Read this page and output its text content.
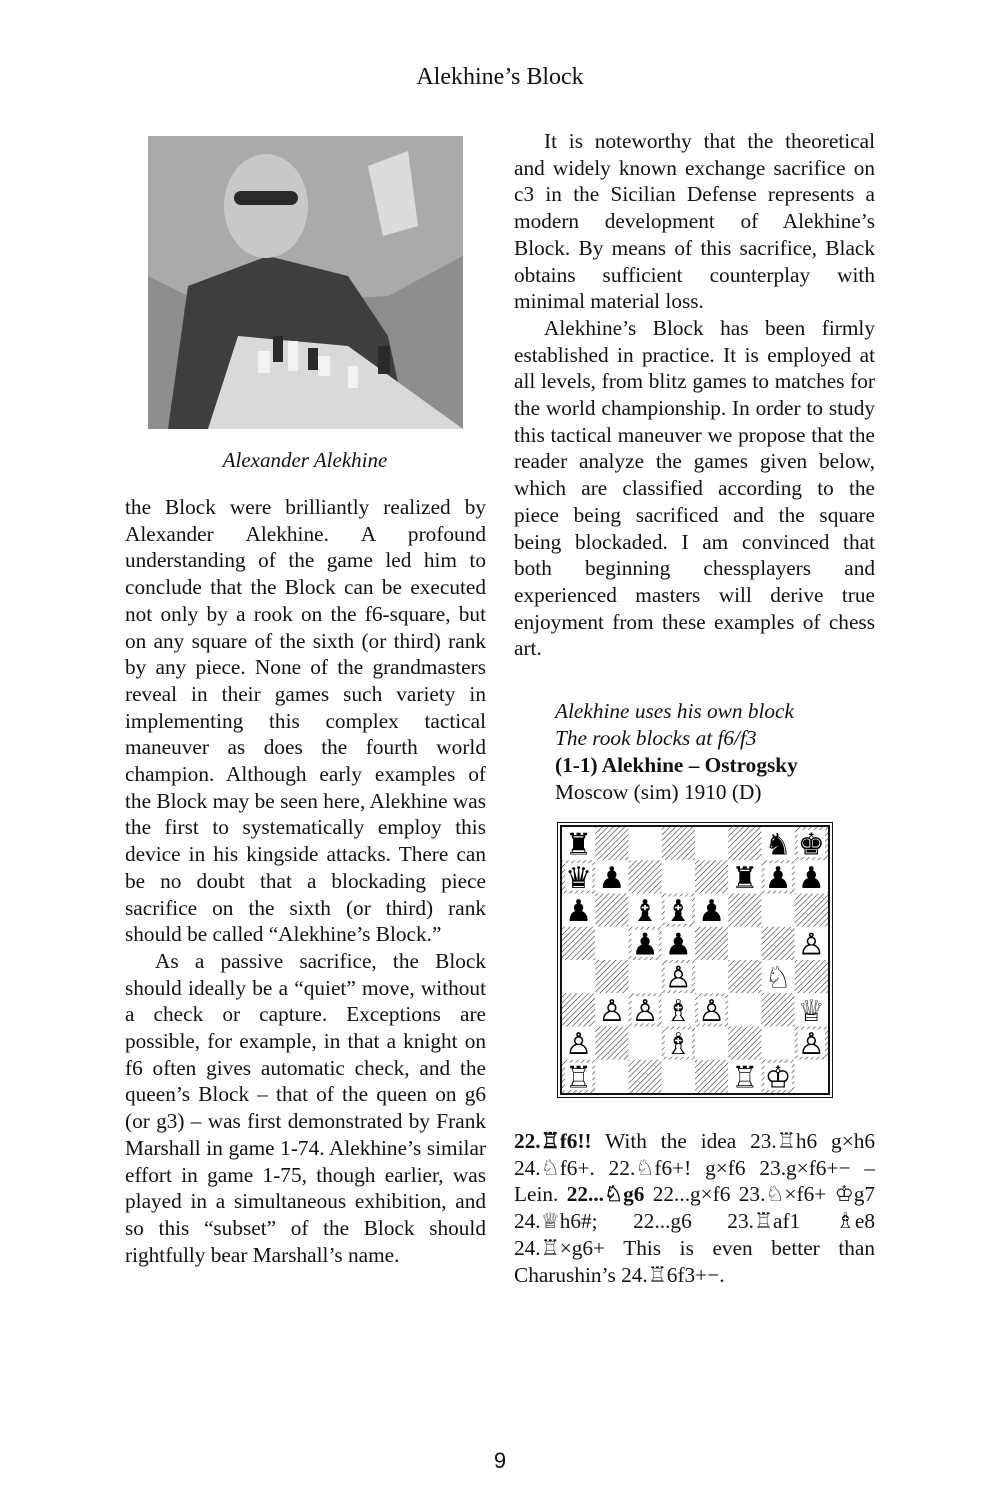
Alekhine’s Block
Alexander Alekhine

the Block were brilliantly realized by Alexander Alekhine. A profound understanding of the game led him to conclude that the Block can be executed not only by a rook on the f6-square, but on any square of the sixth (or third) rank by any piece. None of the grandmasters reveal in their games such variety in implementing this complex tactical maneuver as does the fourth world champion. Although early examples of the Block may be seen here, Alekhine was the first to systematically employ this device in his kingside attacks. There can be no doubt that a blockading piece sacrifice on the sixth (or third) rank should be called “Alekhine’s Block.”

As a passive sacrifice, the Block should ideally be a “quiet” move, without a check or capture. Exceptions are possible, for example, in that a knight on f6 often gives automatic check, and the queen’s Block – that of the queen on g6 (or g3) – was first demonstrated by Frank Marshall in game 1-74. Alekhine’s similar effort in game 1-75, though earlier, was played in a simultaneous exhibition, and so this “subset” of the Block should rightfully bear Marshall’s name.

It is noteworthy that the theoretical and widely known exchange sacrifice on c3 in the Sicilian Defense represents a modern development of Alekhine’s Block. By means of this sacrifice, Black obtains sufficient counterplay with minimal material loss.

Alekhine’s Block has been firmly established in practice. It is employed at all levels, from blitz games to matches for the world championship. In order to study this tactical maneuver we propose that the reader analyze the games given below, which are classified according to the piece being sacrificed and the square being blockaded. I am convinced that both beginning chessplayers and experienced masters will derive true enjoyment from these examples of chess art.

Alekhine uses his own block
The rook blocks at f6/f3
(1-1) Alekhine – Ostrogsky
Moscow (sim) 1910 (D)
♜	♞ ♚
♛ ♟	♜ ♟ ♟
♟ ♝ ♝ ♟
♟ ♟	♙
♙ ♘
♙ ♙ ♗ ♙ ♕
♙ ♗	♙
♖	♖ ♔
22.♖f6!! With the idea 23.♖h6 g×h6 24.♘f6+. 22.♘f6+! g×f6 23.g×f6+− – Lein. 22...♘g6 22...g×f6 23.♘×f6+ ♔g7 24.♕h6#; 22...g6 23.♖af1 ♗e8 24.♖×g6+ This is even better than Charushin’s 24.♖6f3+−.
9
